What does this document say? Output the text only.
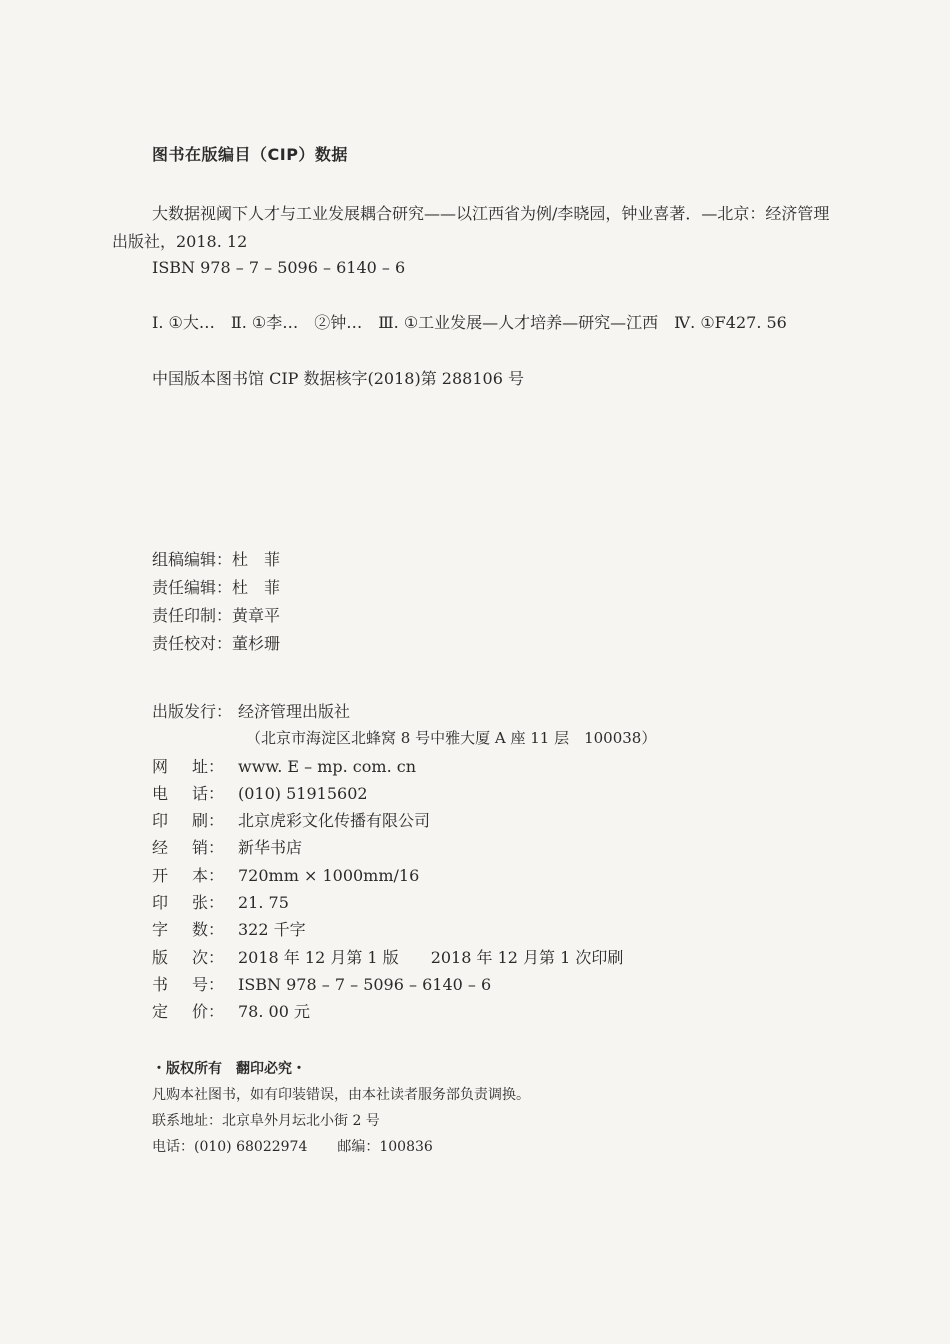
图书在版编目（CIP）数据

大数据视阈下人才与工业发展耦合研究——以江西省为例/李晓园，钟业喜著．—北京：经济管理出版社，2018. 12

ISBN 978 – 7 – 5096 – 6140 – 6
Ⅰ. ①大…　Ⅱ. ①李…　②钟…　Ⅲ. ①工业发展—人才培养—研究—江西　Ⅳ. ①F427. 56
中国版本图书馆 CIP 数据核字(2018)第 288106 号
组稿编辑：杜　菲
责任编辑：杜　菲
责任印制：黄章平
责任校对：董杉珊
出版发行： 经济管理出版社
（北京市海淀区北蜂窝 8 号中雅大厦 A 座 11 层　100038）
网 址： www. E – mp. com. cn
电 话： (010) 51915602
印 刷： 北京虎彩文化传播有限公司
经 销： 新华书店
开 本： 720mm × 1000mm/16
印 张： 21. 75
字 数： 322 千字
版 次： 2018 年 12 月第 1 版　　2018 年 12 月第 1 次印刷
书 号： ISBN 978 – 7 – 5096 – 6140 – 6
定 价： 78. 00 元
・版权所有　翻印必究・
凡购本社图书，如有印装错误，由本社读者服务部负责调换。
联系地址：北京阜外月坛北小街 2 号
电话：(010) 68022974 邮编：100836
